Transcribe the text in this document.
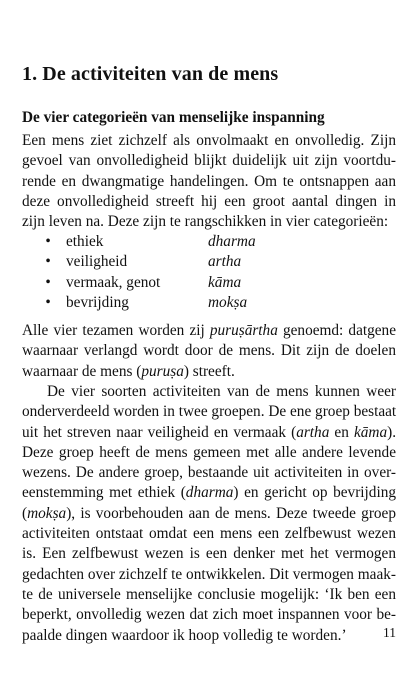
1. De activiteiten van de mens
De vier categorieën van menselijke inspanning

Een mens ziet zichzelf als onvolmaakt en onvolledig. Zijn
gevoel van onvolledigheid blijkt duidelijk uit zijn voortdu-
rende en dwangmatige handelingen. Om te ontsnappen aan
deze onvolledigheid streeft hij een groot aantal dingen in
zijn leven na. Deze zijn te rangschikken in vier categorieën:

• ethiek	dharma
• veiligheid	artha
• vermaak, genot	kāma
• bevrijding	mokṣa

Alle vier tezamen worden zij puruṣārtha genoemd: datgene
waarnaar verlangd wordt door de mens. Dit zijn de doelen
waarnaar de mens (puruṣa) streeft.

De vier soorten activiteiten van de mens kunnen weer
onderverdeeld worden in twee groepen. De ene groep bestaat
uit het streven naar veiligheid en vermaak (artha en kāma).
Deze groep heeft de mens gemeen met alle andere levende
wezens. De andere groep, bestaande uit activiteiten in over-
eenstemming met ethiek (dharma) en gericht op bevrijding
(mokṣa), is voorbehouden aan de mens. Deze tweede groep
activiteiten ontstaat omdat een mens een zelfbewust wezen
is. Een zelfbewust wezen is een denker met het vermogen
gedachten over zichzelf te ontwikkelen. Dit vermogen maak-
te de universele menselijke conclusie mogelijk: ‘Ik ben een
beperkt, onvolledig wezen dat zich moet inspannen voor be-
paalde dingen waardoor ik hoop volledig te worden.’	11
